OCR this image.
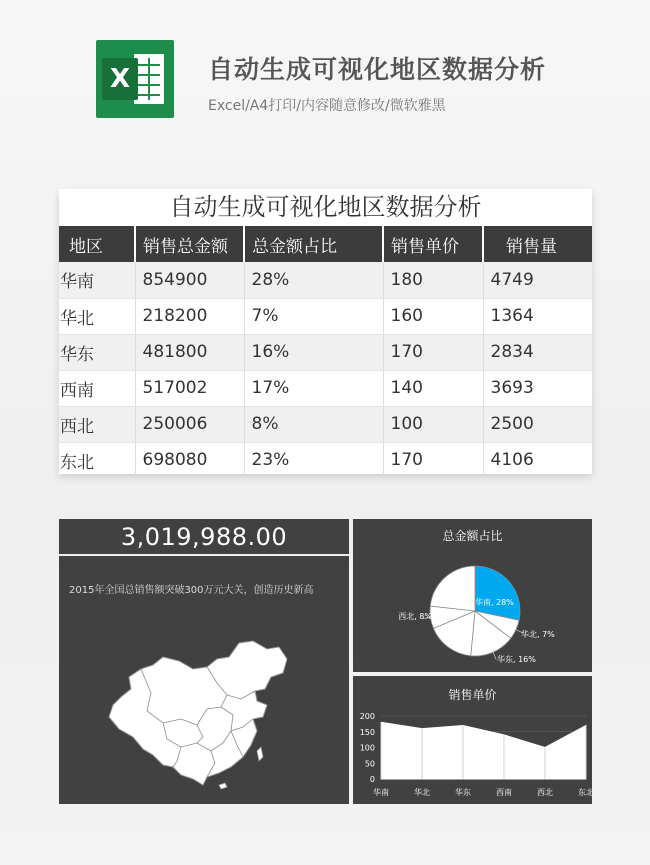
X	自动生成可视化地区数据分析
Excel/A4打印/内容随意修改/微软雅黑
自动生成可视化地区数据分析
地区	销售总金额	总金额占比	销售单价	销售量
华南	854900	28%	180	4749
华北	218200	7%	160	1364
华东	481800	16%	170	2834
西南	517002	17%	140	3693
西北	250006	8%	100	2500
东北	698080	23%	170	4106
3,019,988.00
2015年全国总销售额突破300万元大关，创造历史新高
总金额占比
华南, 28%
华北, 7%
华东, 16%
西北, 8%
销售单价
200
150
100
50
0
华南	华北	华东	西南	西北	东北
